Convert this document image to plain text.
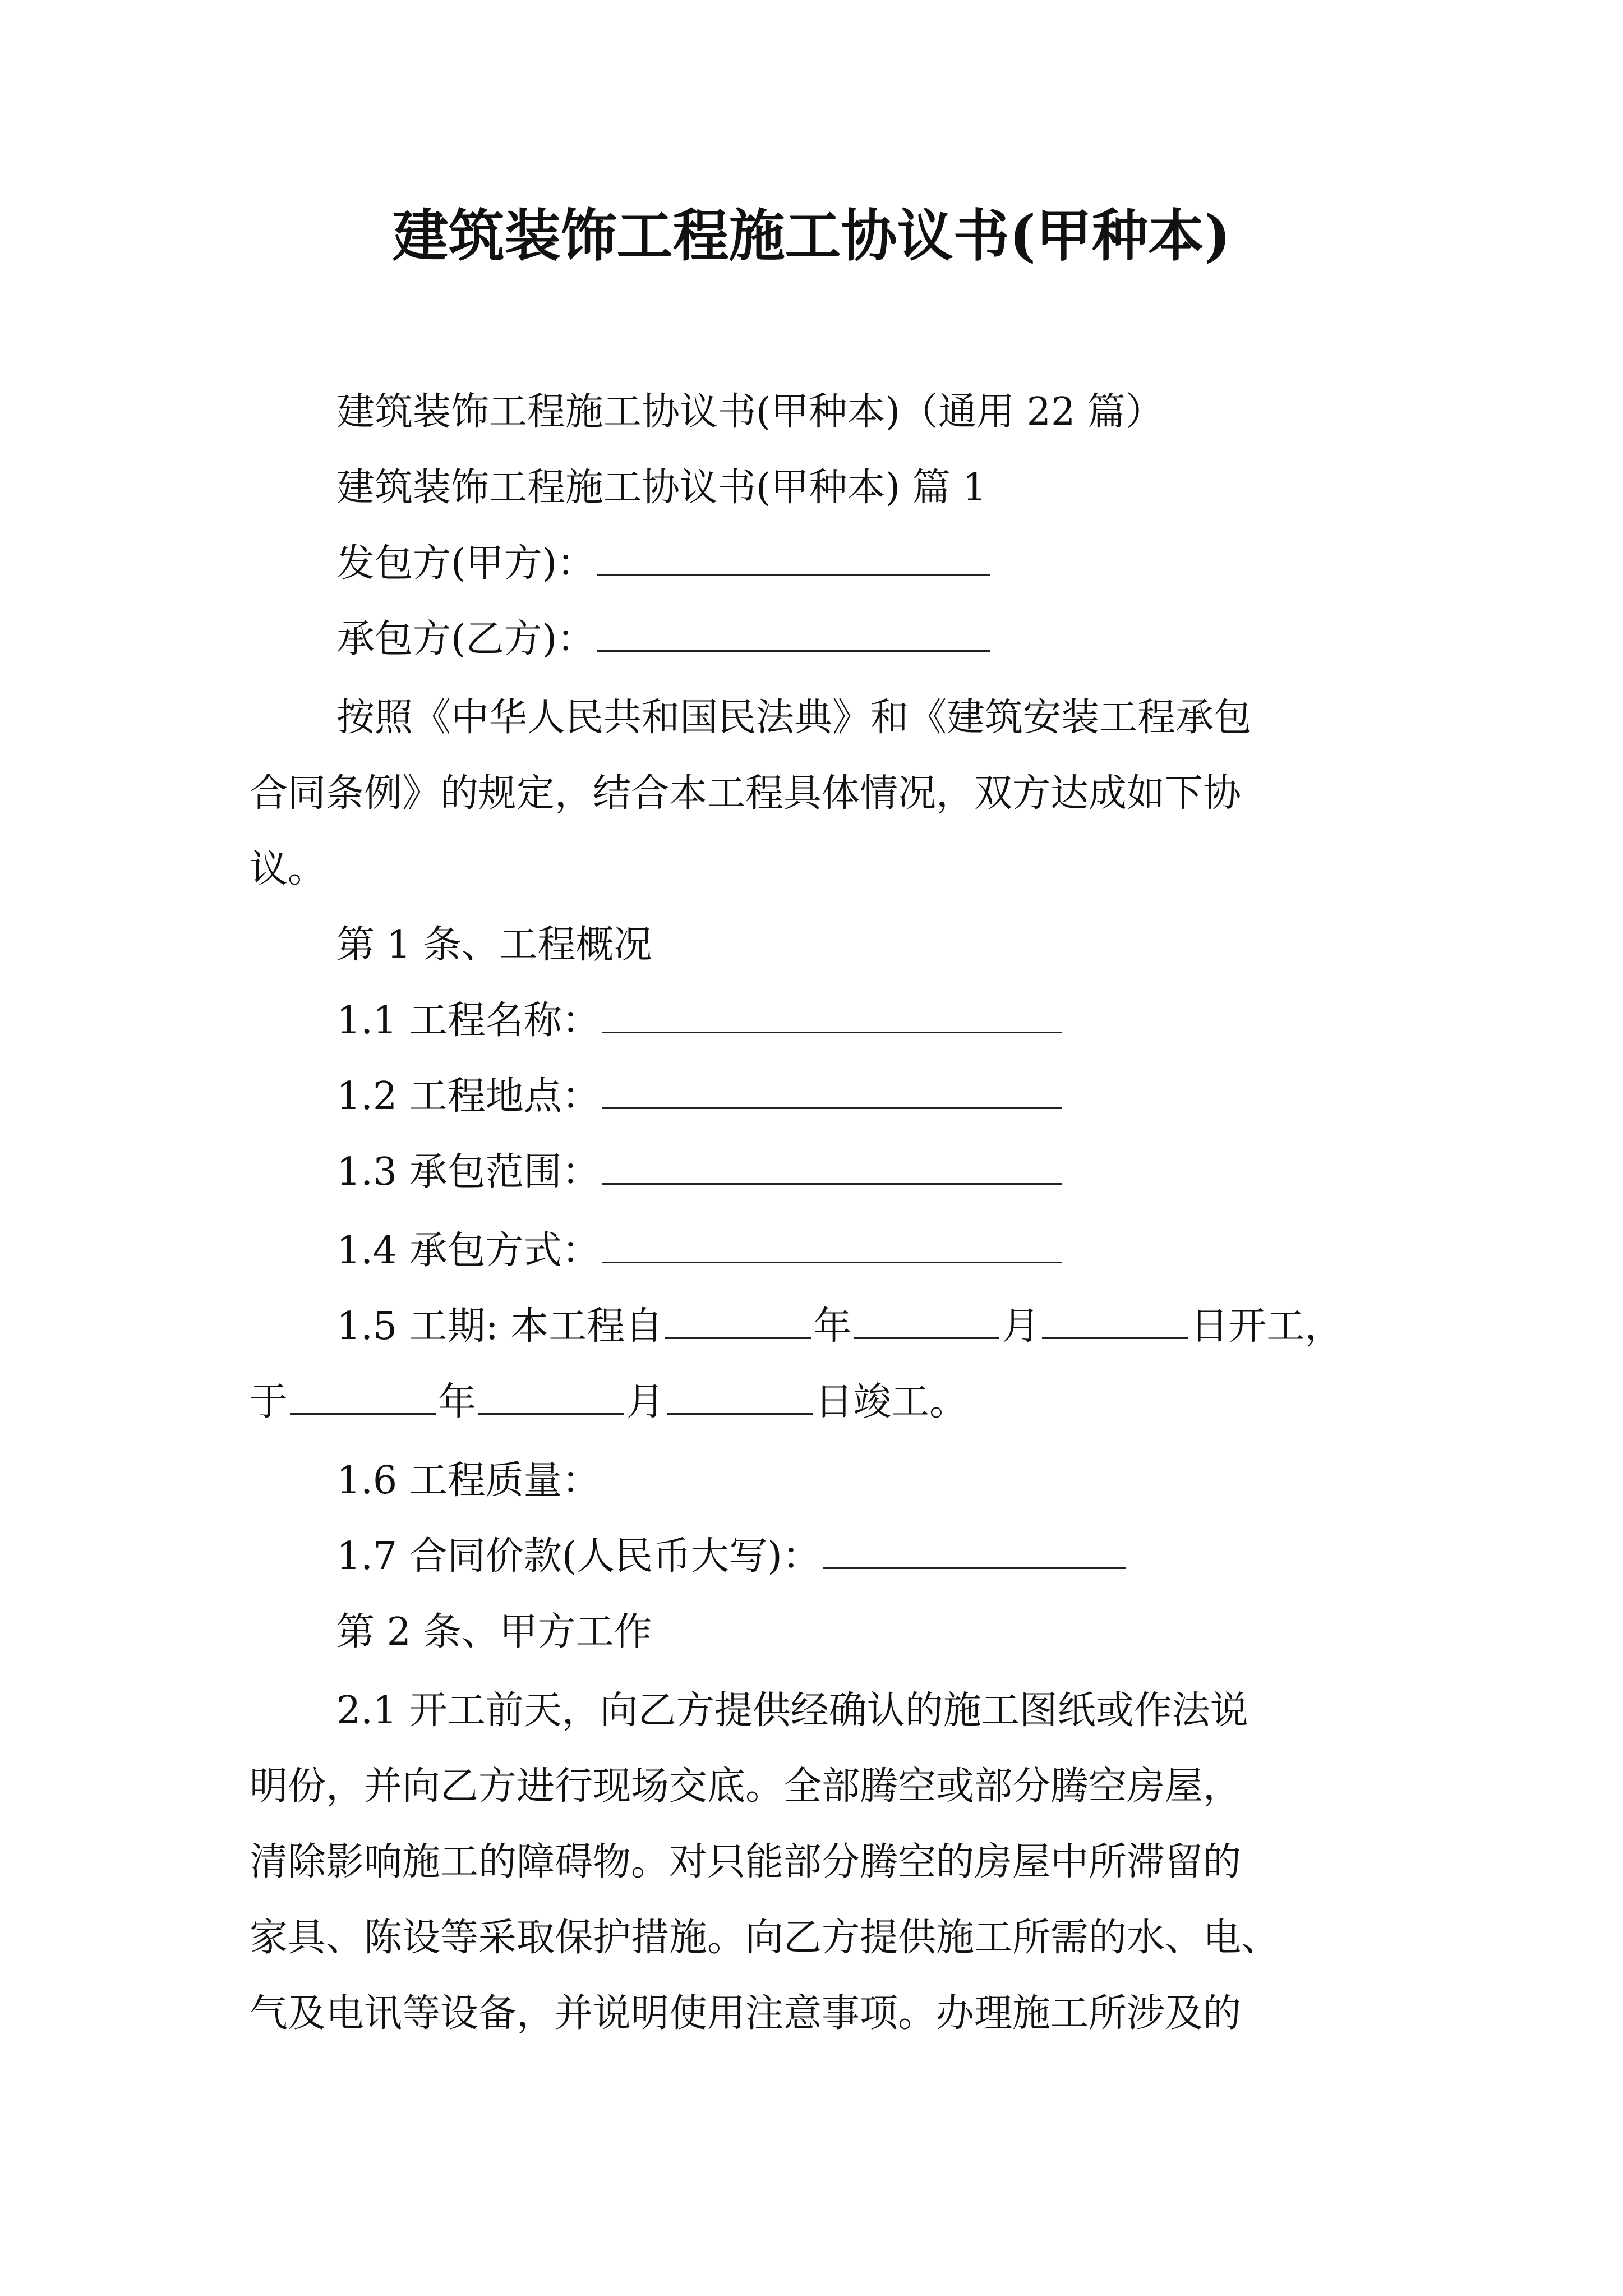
建筑装饰工程施工协议书(甲种本)
建筑装饰工程施工协议书(甲种本)（通用 22 篇）
建筑装饰工程施工协议书(甲种本) 篇 1
发包方(甲方)：
承包方(乙方)：
按照《中华人民共和国民法典》和《建筑安装工程承包
合同条例》的规定，结合本工程具体情况，双方达成如下协
议。
第 1 条、工程概况
1.1 工程名称：
1.2 工程地点：
1.3 承包范围：
1.4 承包方式：
1.5 工期: 本工程自	年	月	日开工，
于	年	月	日竣工。
1.6 工程质量：
1.7 合同价款(人民币大写)：
第 2 条、甲方工作
2.1 开工前天，向乙方提供经确认的施工图纸或作法说
明份，并向乙方进行现场交底。全部腾空或部分腾空房屋，
清除影响施工的障碍物。对只能部分腾空的房屋中所滞留的
家具、陈设等采取保护措施。向乙方提供施工所需的水、电、
气及电讯等设备，并说明使用注意事项。办理施工所涉及的
